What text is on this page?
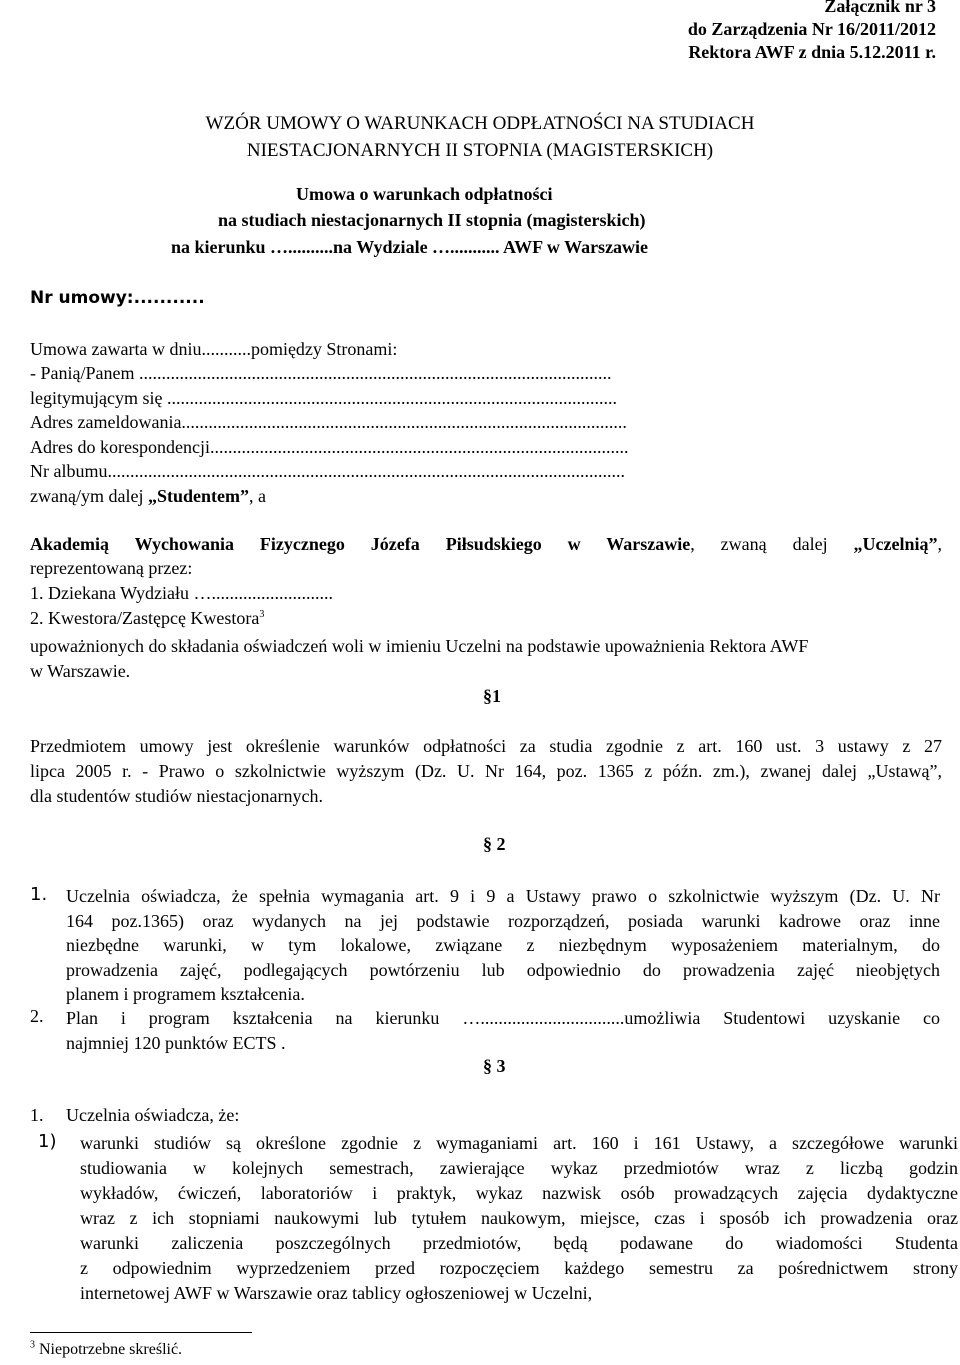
Załącznik nr 3
do Zarządzenia Nr 16/2011/2012
Rektora AWF z dnia 5.12.2011 r.
WZÓR UMOWY O WARUNKACH ODPŁATNOŚCI NA STUDIACH
NIESTACJONARNYCH II STOPNIA (MAGISTERSKICH)
Umowa o warunkach odpłatności
na studiach niestacjonarnych II stopnia (magisterskich)
na kierunku …..........na Wydziale …........... AWF w Warszawie
Nr umowy:...........
Umowa zawarta w dniu...........pomiędzy Stronami:
- Panią/Panem .........................................................................................................
legitymującym się ....................................................................................................
Adres zameldowania...................................................................................................
Adres do korespondencji.............................................................................................
Nr albumu...................................................................................................................
zwaną/ym dalej „Studentem”, a
Akademią Wychowania Fizycznego Józefa Piłsudskiego w Warszawie, zwaną dalej „Uczelnią”,
reprezentowaną przez:
1. Dziekana Wydziału …...........................
2. Kwestora/Zastępcę Kwestora$^3$
upoważnionych do składania oświadczeń woli w imieniu Uczelni na podstawie upoważnienia Rektora AWF
w Warszawie.
§1
Przedmiotem umowy jest określenie warunków odpłatności za studia zgodnie z art. 160 ust. 3 ustawy z 27
lipca 2005 r. - Prawo o szkolnictwie wyższym (Dz. U. Nr 164, poz. 1365 z późn. zm.), zwanej dalej „Ustawą”,
dla studentów studiów niestacjonarnych.
§ 2
1. Uczelnia oświadcza, że spełnia wymagania art. 9 i 9 a Ustawy prawo o szkolnictwie wyższym (Dz. U. Nr
164 poz.1365) oraz wydanych na jej podstawie rozporządzeń, posiada warunki kadrowe oraz inne
niezbędne warunki, w tym lokalowe, związane z niezbędnym wyposażeniem materialnym, do
prowadzenia zajęć, podlegających powtórzeniu lub odpowiednio do prowadzenia zajęć nieobjętych
planem i programem kształcenia.
2. Plan i program kształcenia na kierunku …................................umożliwia Studentowi uzyskanie co
najmniej 120 punktów ECTS .
§ 3
1. Uczelnia oświadcza, że:
1) warunki studiów są określone zgodnie z wymaganiami art. 160 i 161 Ustawy, a szczegółowe warunki
studiowania w kolejnych semestrach, zawierające wykaz przedmiotów wraz z liczbą godzin
wykładów, ćwiczeń, laboratoriów i praktyk, wykaz nazwisk osób prowadzących zajęcia dydaktyczne
wraz z ich stopniami naukowymi lub tytułem naukowym, miejsce, czas i sposób ich prowadzenia oraz
warunki zaliczenia poszczególnych przedmiotów, będą podawane do wiadomości Studenta
z odpowiednim wyprzedzeniem przed rozpoczęciem każdego semestru za pośrednictwem strony
internetowej AWF w Warszawie oraz tablicy ogłoszeniowej w Uczelni,
$^3$ Niepotrzebne skreślić.
